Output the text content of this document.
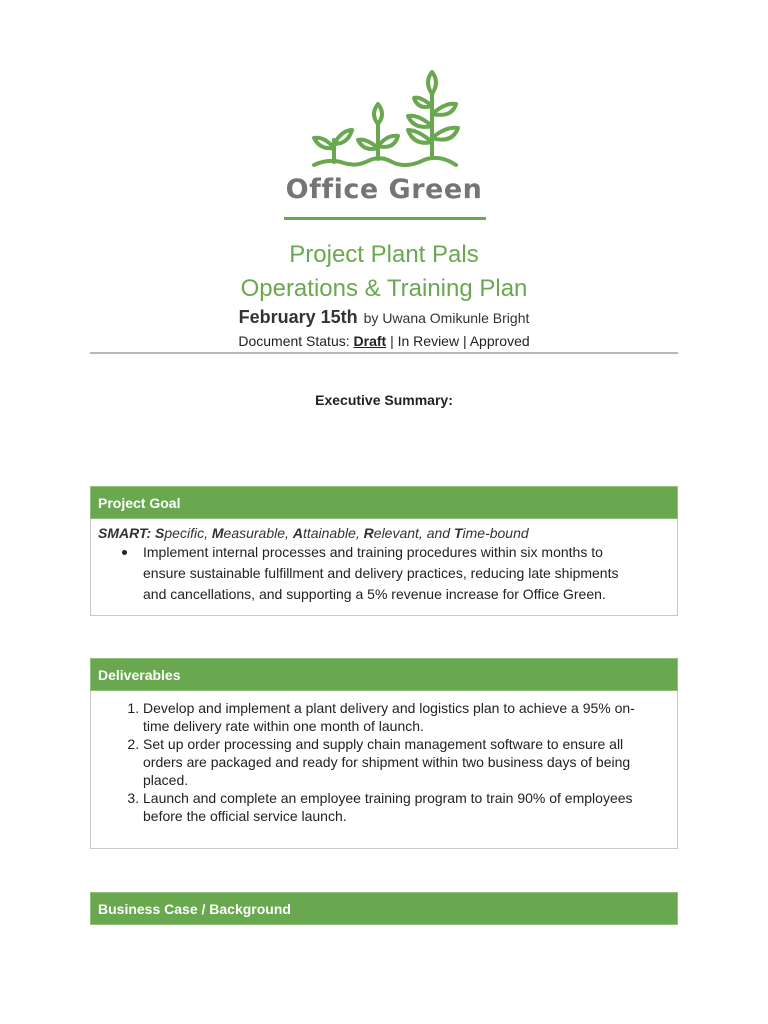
Office Green
Project Plant Pals
Operations & Training Plan
February 15th by Uwana Omikunle Bright
Document Status: Draft | In Review | Approved
Executive Summary:
Project Goal
SMART: Specific, Measurable, Attainable, Relevant, and Time-bound
Implement internal processes and training procedures within six months to
ensure sustainable fulfillment and delivery practices, reducing late shipments
and cancellations, and supporting a 5% revenue increase for Office Green.
Deliverables
1. Develop and implement a plant delivery and logistics plan to achieve a 95% on-
time delivery rate within one month of launch.
2. Set up order processing and supply chain management software to ensure all
orders are packaged and ready for shipment within two business days of being
placed.
3. Launch and complete an employee training program to train 90% of employees
before the official service launch.
Business Case / Background
